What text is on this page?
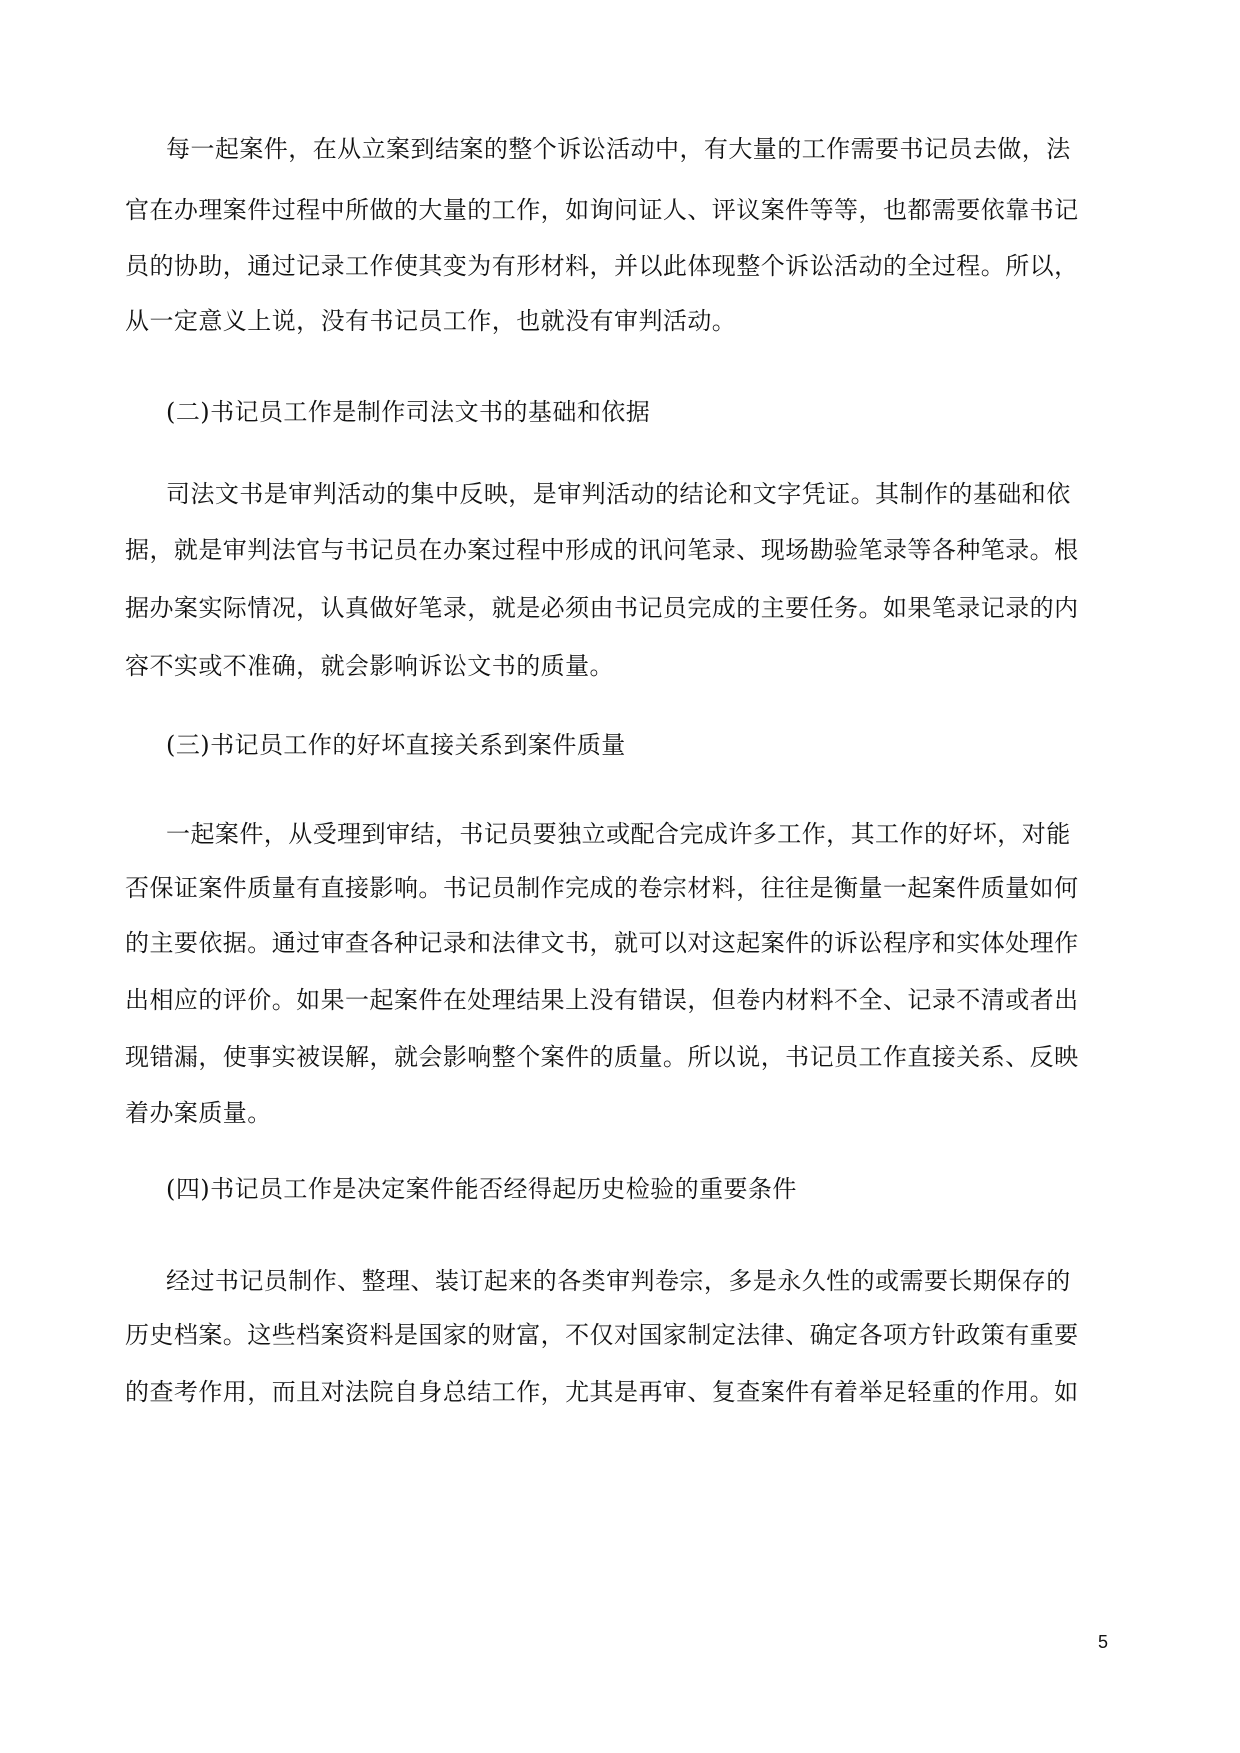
每一起案件，在从立案到结案的整个诉讼活动中，有大量的工作需要书记员去做，法
官在办理案件过程中所做的大量的工作，如询问证人、评议案件等等，也都需要依靠书记
员的协助，通过记录工作使其变为有形材料，并以此体现整个诉讼活动的全过程。所以，
从一定意义上说，没有书记员工作，也就没有审判活动。
(二)书记员工作是制作司法文书的基础和依据
司法文书是审判活动的集中反映，是审判活动的结论和文字凭证。其制作的基础和依
据，就是审判法官与书记员在办案过程中形成的讯问笔录、现场勘验笔录等各种笔录。根
据办案实际情况，认真做好笔录，就是必须由书记员完成的主要任务。如果笔录记录的内
容不实或不准确，就会影响诉讼文书的质量。
(三)书记员工作的好坏直接关系到案件质量
一起案件，从受理到审结，书记员要独立或配合完成许多工作，其工作的好坏，对能
否保证案件质量有直接影响。书记员制作完成的卷宗材料，往往是衡量一起案件质量如何
的主要依据。通过审查各种记录和法律文书，就可以对这起案件的诉讼程序和实体处理作
出相应的评价。如果一起案件在处理结果上没有错误，但卷内材料不全、记录不清或者出
现错漏，使事实被误解，就会影响整个案件的质量。所以说，书记员工作直接关系、反映
着办案质量。
(四)书记员工作是决定案件能否经得起历史检验的重要条件
经过书记员制作、整理、装订起来的各类审判卷宗，多是永久性的或需要长期保存的
历史档案。这些档案资料是国家的财富，不仅对国家制定法律、确定各项方针政策有重要
的查考作用，而且对法院自身总结工作，尤其是再审、复查案件有着举足轻重的作用。如
5
